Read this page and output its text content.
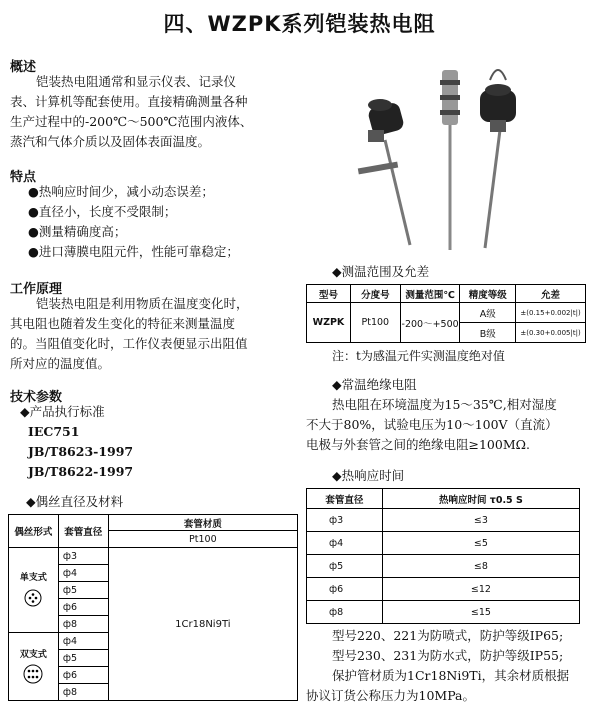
四、WZPK系列铠装热电阻
概述
铠装热电阻通常和显示仪表、记录仪
表、计算机等配套使用。直接精确测量各种
生产过程中的-200℃～500℃范围内液体、
蒸汽和气体介质以及固体表面温度。
特点
●热响应时间少，减小动态误差；
●直径小，长度不受限制；
●测量精确度高；
●进口薄膜电阻元件，性能可靠稳定；
工作原理
铠装热电阻是利用物质在温度变化时，
其电阻也随着发生变化的特征来测量温度
的。当阻值变化时，工作仪表便显示出阻值
所对应的温度值。
技术参数
◆产品执行标准
IEC751
JB/T8623-1997
JB/T8622-1997
◆偶丝直径及材料
偶丝形式	套管直径	套管材质
		Pt100

单支式	ф3	1Cr18Ni9Ti
	ф4	
	ф5	
	ф6	
	ф8	

双支式	ф4	
	ф5	
	ф6	
	ф8	
◆测温范围及允差
型号	分度号	测量范围℃	精度等级	允差
WZPK	Pt100	-200～+500	A级	±(0.15+0.002|t|)
			B级	±(0.30+0.005|t|)
注：t为感温元件实测温度绝对值
◆常温绝缘电阻
热电阻在环境温度为15～35℃,相对湿度
不大于80%，试验电压为10～100V（直流）
电极与外套管之间的绝缘电阻≥100MΩ.
◆热响应时间
套管直径	热响应时间 τ0.5 S
ф3	≤3
ф4	≤5
ф5	≤8
ф6	≤12
ф8	≤15
型号220、221为防喷式，防护等级IP65;
型号230、231为防水式，防护等级IP55;
保护管材质为1Cr18Ni9Ti，其余材质根据
协议订货公称压力为10MPa。
